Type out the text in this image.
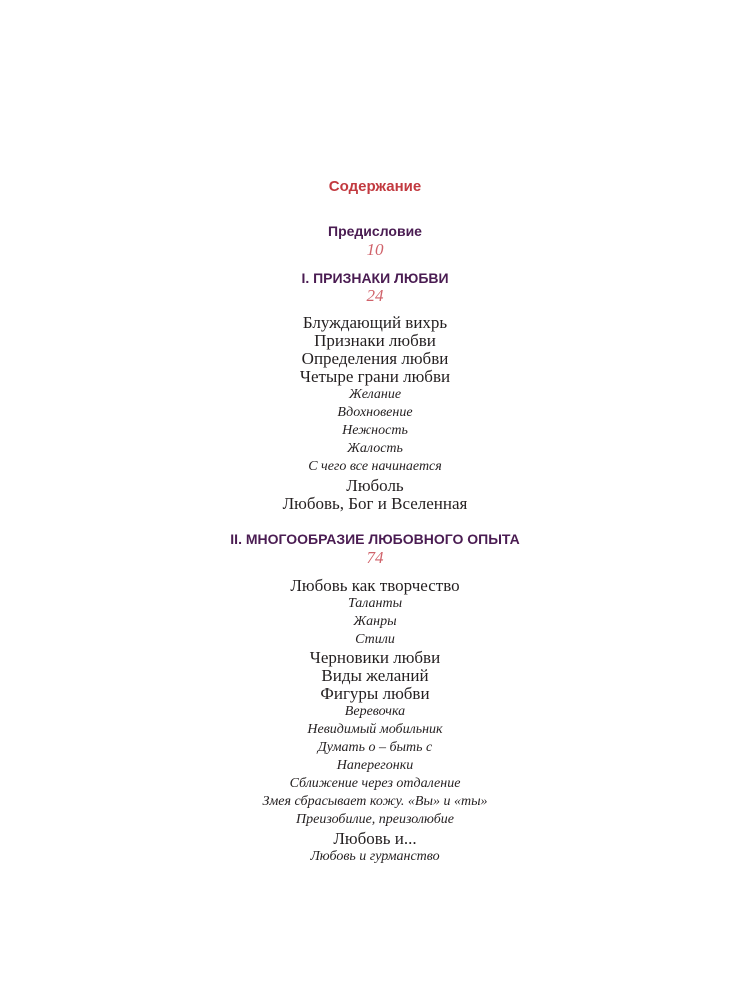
Содержание
Предисловие
10
I. ПРИЗНАКИ ЛЮБВИ
24
Блуждающий вихрь
Признаки любви
Определения любви
Четыре грани любви
Желание
Вдохновение
Нежность
Жалость
С чего все начинается
Люболь
Любовь, Бог и Вселенная
II. МНОГООБРАЗИЕ ЛЮБОВНОГО ОПЫТА
74
Любовь как творчество
Таланты
Жанры
Стили
Черновики любви
Виды желаний
Фигуры любви
Веревочка
Невидимый мобильник
Думать о – быть с
Наперегонки
Сближение через отдаление
Змея сбрасывает кожу. «Вы» и «ты»
Преизобилие, преизолюбие
Любовь и...
Любовь и гурманство
